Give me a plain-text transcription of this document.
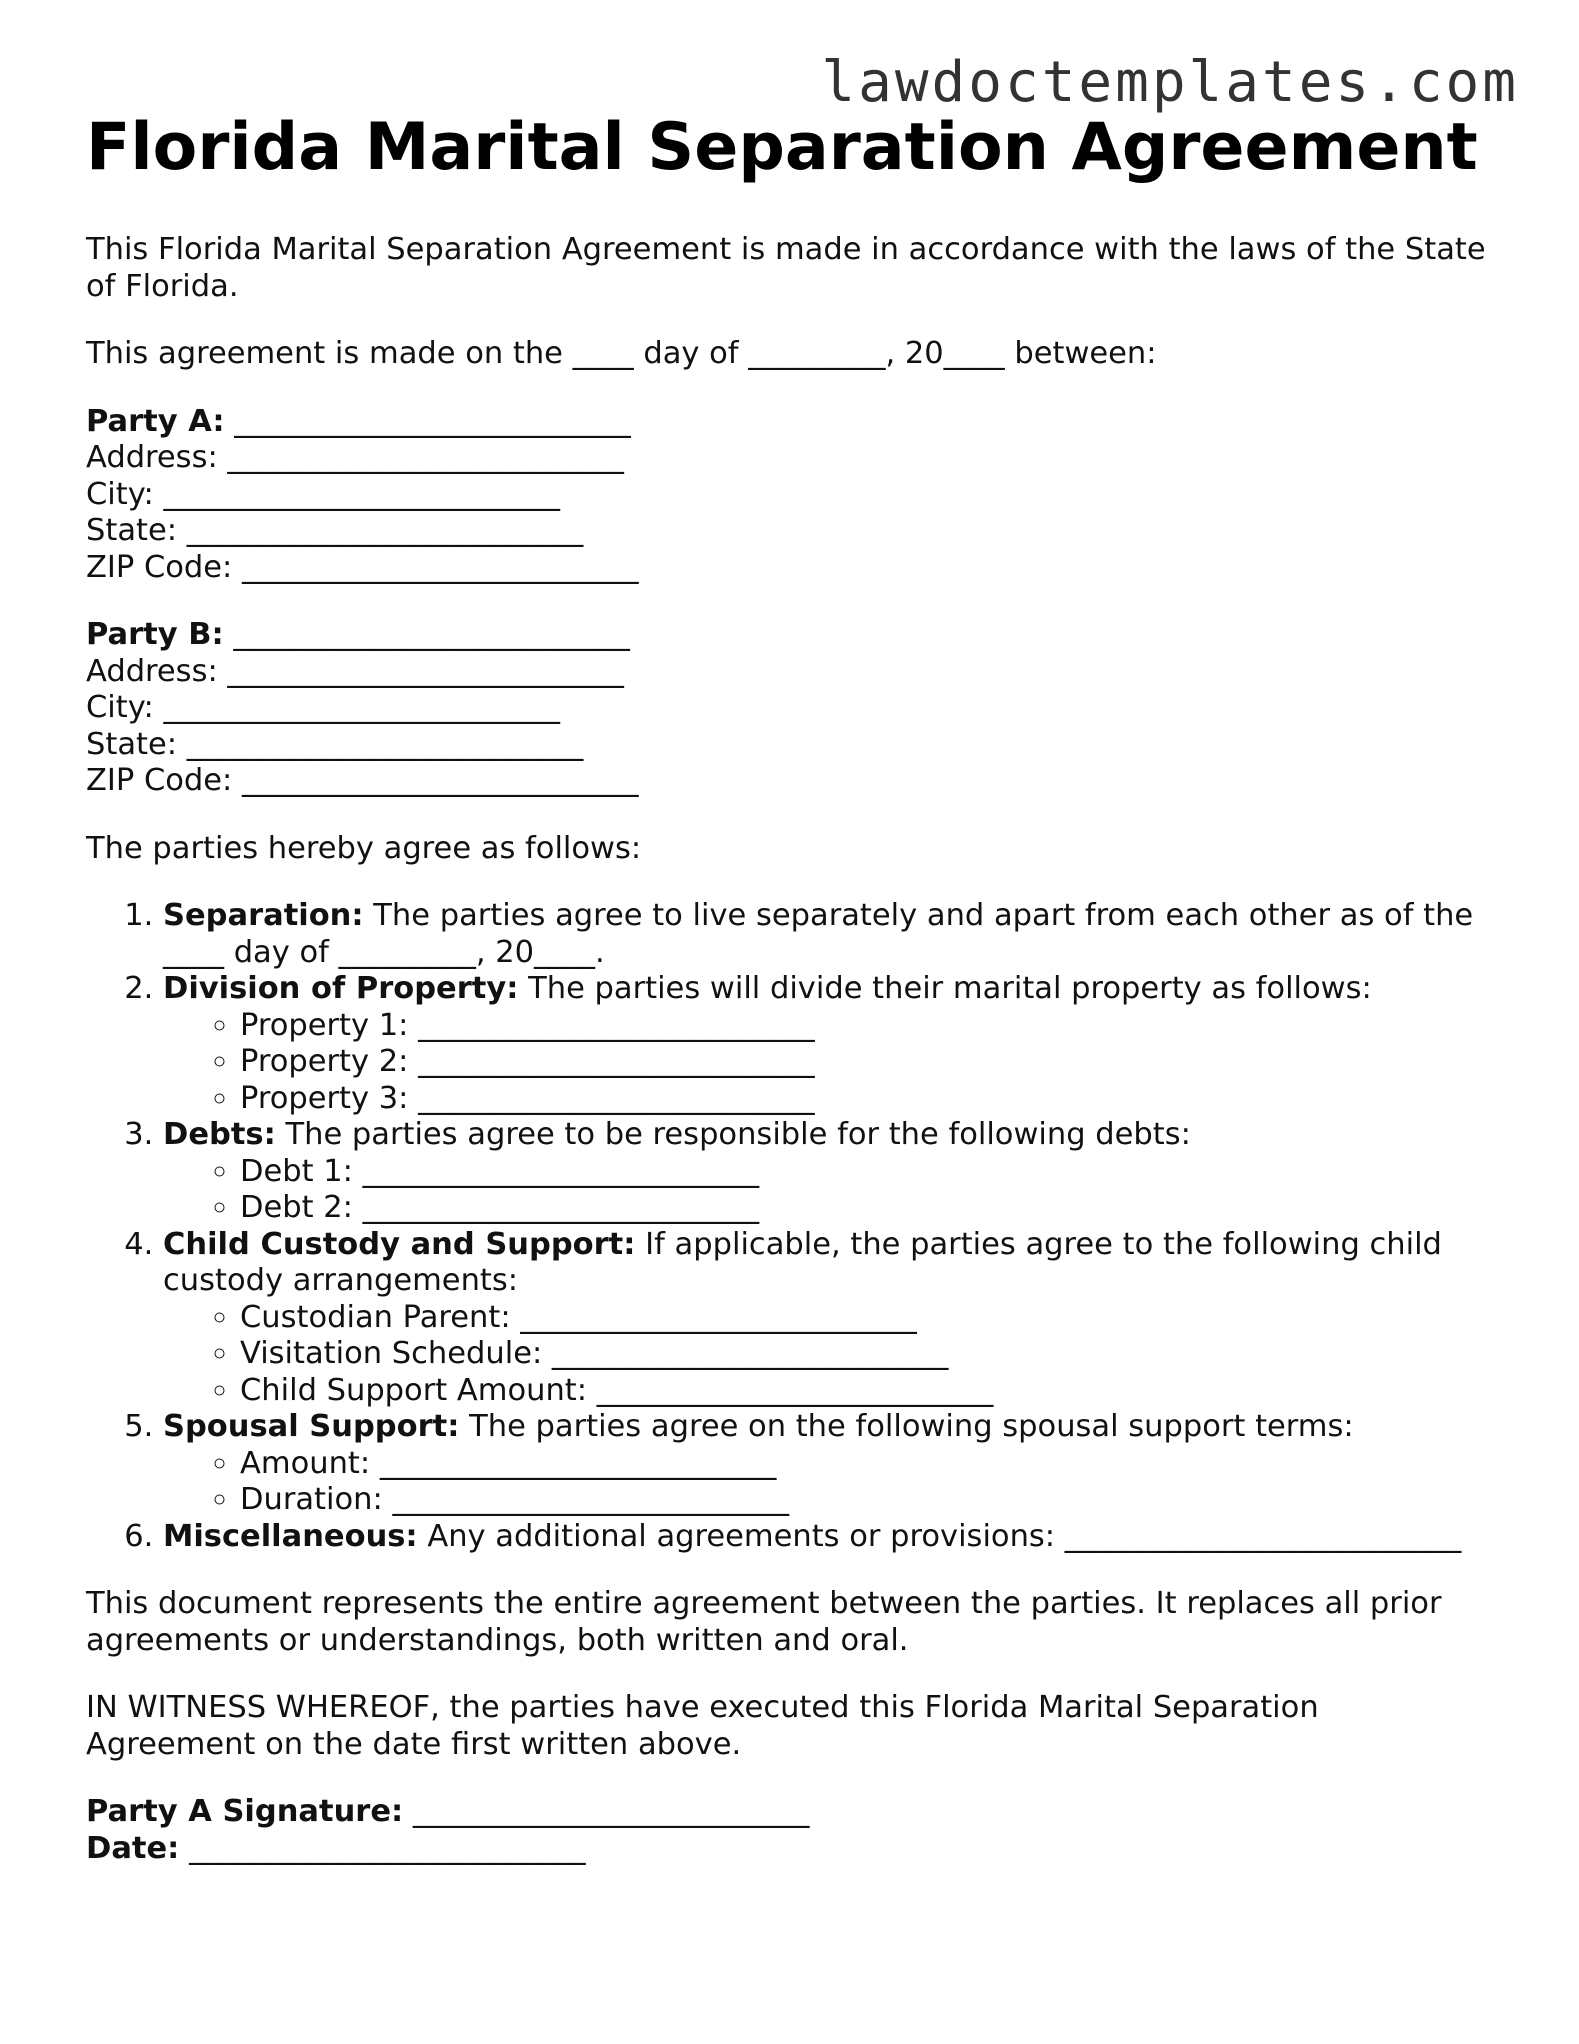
lawdoctemplates.com
Florida Marital Separation Agreement

This Florida Marital Separation Agreement is made in accordance with the laws of the State of Florida.

This agreement is made on the ____ day of _________, 20____ between:

Party A: __________________________
Address: __________________________
City: __________________________
State: __________________________
ZIP Code: __________________________
Party B: __________________________
Address: __________________________
City: __________________________
State: __________________________
ZIP Code: __________________________

The parties hereby agree as follows:

1. Separation: The parties agree to live separately and apart from each other as of the ____ day of _________, 20____.
2. Division of Property: The parties will divide their marital property as follows:
◦ Property 1: __________________________
◦ Property 2: __________________________
◦ Property 3: __________________________
3. Debts: The parties agree to be responsible for the following debts:
◦ Debt 1: __________________________
◦ Debt 2: __________________________
4. Child Custody and Support: If applicable, the parties agree to the following child custody arrangements:
◦ Custodian Parent: __________________________
◦ Visitation Schedule: __________________________
◦ Child Support Amount: __________________________
5. Spousal Support: The parties agree on the following spousal support terms:
◦ Amount: __________________________
◦ Duration: __________________________
6. Miscellaneous: Any additional agreements or provisions: __________________________

This document represents the entire agreement between the parties. It replaces all prior agreements or understandings, both written and oral.

IN WITNESS WHEREOF, the parties have executed this Florida Marital Separation Agreement on the date first written above.

Party A Signature: __________________________
Date: __________________________
